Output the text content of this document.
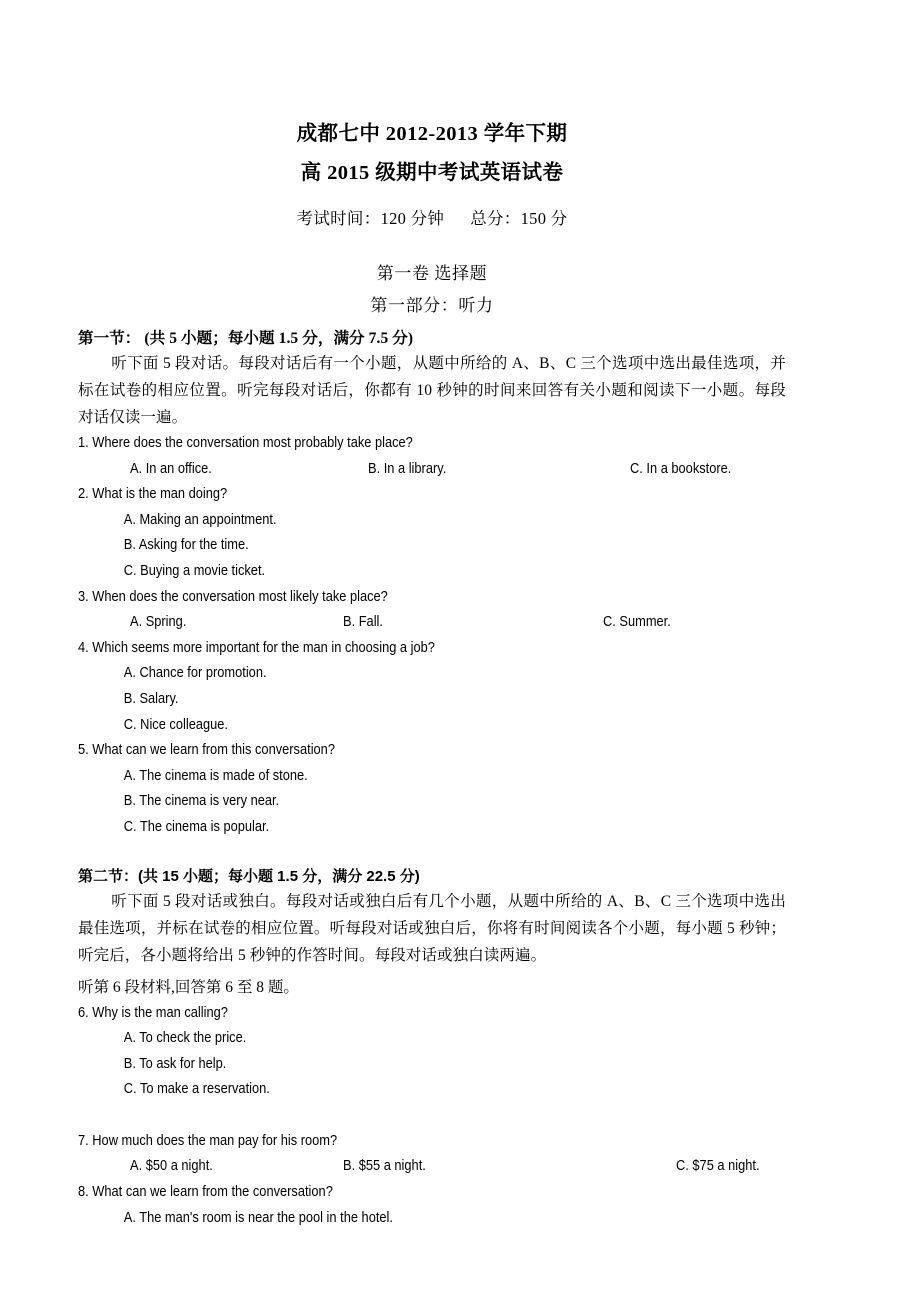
成都七中 2012-2013 学年下期
高 2015 级期中考试英语试卷
考试时间：120 分钟 总分：150 分
第一卷 选择题
第一部分：听力
第一节： (共 5 小题；每小题 1.5 分，满分 7.5 分)
听下面 5 段对话。每段对话后有一个小题，从题中所给的 A、B、C 三个选项中选出最佳选项，并标在试卷的相应位置。听完每段对话后，你都有 10 秒钟的时间来回答有关小题和阅读下一小题。每段对话仅读一遍。
1. Where does the conversation most probably take place?
A. In an office.	B. In a library.	C. In a bookstore.
2. What is the man doing?
A. Making an appointment.
B. Asking for the time.
C. Buying a movie ticket.
3. When does the conversation most likely take place?
A. Spring.	B. Fall.	C. Summer.
4. Which seems more important for the man in choosing a job?
A. Chance for promotion.
B. Salary.
C. Nice colleague.
5. What can we learn from this conversation?
A. The cinema is made of stone.
B. The cinema is very near.
C. The cinema is popular.
第二节：(共 15 小题；每小题 1.5 分，满分 22.5 分)
听下面 5 段对话或独白。每段对话或独白后有几个小题，从题中所给的 A、B、C 三个选项中选出最佳选项，并标在试卷的相应位置。听每段对话或独白后，你将有时间阅读各个小题，每小题 5 秒钟；听完后，各小题将给出 5 秒钟的作答时间。每段对话或独白读两遍。
听第 6 段材料,回答第 6 至 8 题。
6. Why is the man calling?
A. To check the price.
B. To ask for help.
C. To make a reservation.
7. How much does the man pay for his room?
A. $50 a night.	B. $55 a night.	C. $75 a night.
8. What can we learn from the conversation?
A. The man's room is near the pool in the hotel.
